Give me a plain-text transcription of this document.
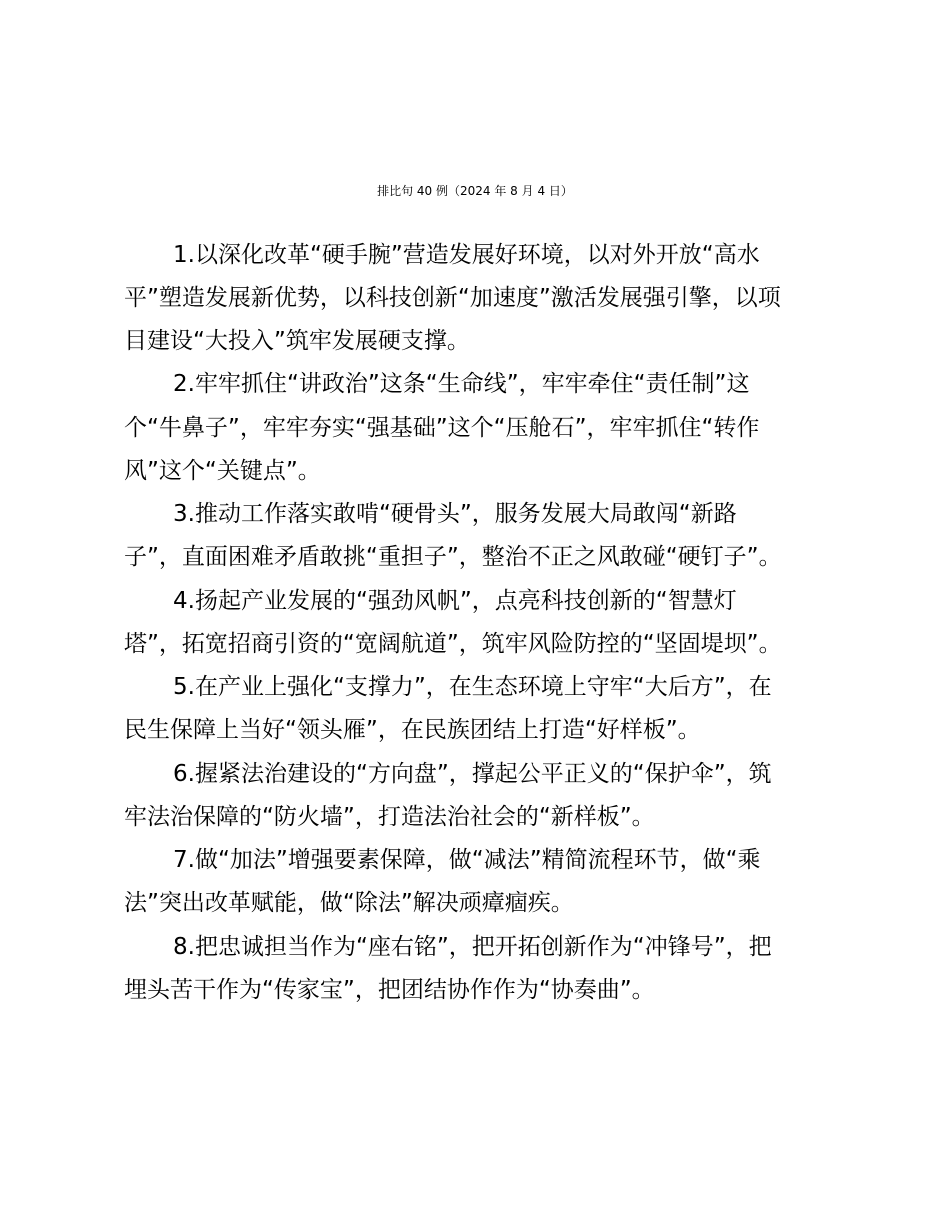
排比句 40 例（2024 年 8 月 4 日）
1.以深化改革“硬手腕”营造发展好环境，以对外开放“高水
平”塑造发展新优势，以科技创新“加速度”激活发展强引擎，以项
目建设“大投入”筑牢发展硬支撑。
2.牢牢抓住“讲政治”这条“生命线”，牢牢牵住“责任制”这
个“牛鼻子”，牢牢夯实“强基础”这个“压舱石”，牢牢抓住“转作
风”这个“关键点”。
3.推动工作落实敢啃“硬骨头”，服务发展大局敢闯“新路
子”，直面困难矛盾敢挑“重担子”，整治不正之风敢碰“硬钉子”。
4.扬起产业发展的“强劲风帆”，点亮科技创新的“智慧灯
塔”，拓宽招商引资的“宽阔航道”，筑牢风险防控的“坚固堤坝”。
5.在产业上强化“支撑力”，在生态环境上守牢“大后方”，在
民生保障上当好“领头雁”，在民族团结上打造“好样板”。
6.握紧法治建设的“方向盘”，撑起公平正义的“保护伞”，筑
牢法治保障的“防火墙”，打造法治社会的“新样板”。
7.做“加法”增强要素保障，做“减法”精简流程环节，做“乘
法”突出改革赋能，做“除法”解决顽瘴痼疾。
8.把忠诚担当作为“座右铭”，把开拓创新作为“冲锋号”，把
埋头苦干作为“传家宝”，把团结协作作为“协奏曲”。
